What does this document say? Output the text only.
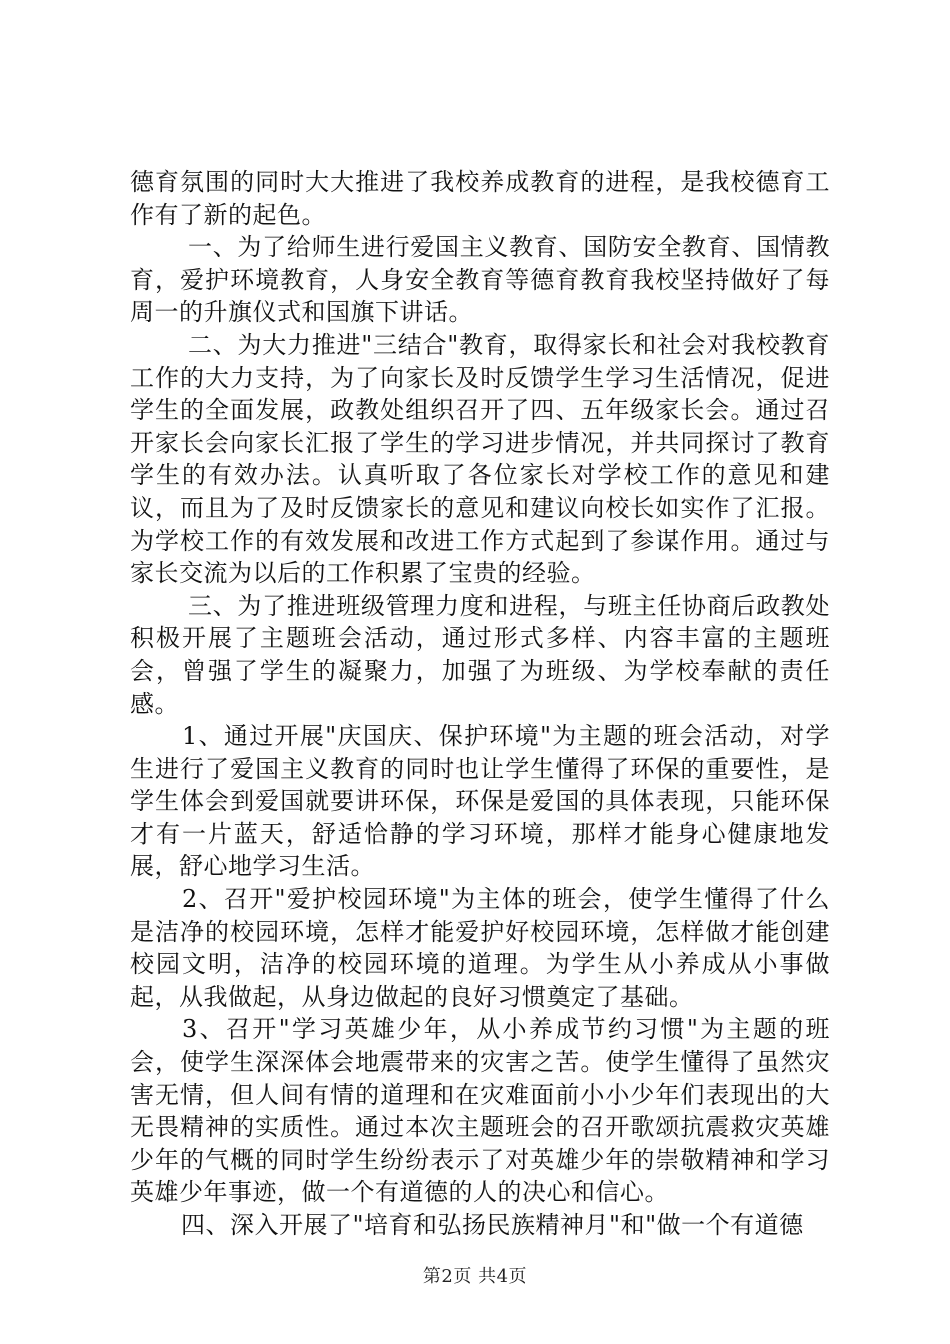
德育氛围的同时大大推进了我校养成教育的进程，是我校德育工作有了新的起色。

一、为了给师生进行爱国主义教育、国防安全教育、国情教育，爱护环境教育，人身安全教育等德育教育我校坚持做好了每周一的升旗仪式和国旗下讲话。

二、为大力推进"三结合"教育，取得家长和社会对我校教育工作的大力支持，为了向家长及时反馈学生学习生活情况，促进学生的全面发展，政教处组织召开了四、五年级家长会。通过召开家长会向家长汇报了学生的学习进步情况，并共同探讨了教育学生的有效办法。认真听取了各位家长对学校工作的意见和建议，而且为了及时反馈家长的意见和建议向校长如实作了汇报。为学校工作的有效发展和改进工作方式起到了参谋作用。通过与家长交流为以后的工作积累了宝贵的经验。

三、为了推进班级管理力度和进程，与班主任协商后政教处积极开展了主题班会活动，通过形式多样、内容丰富的主题班会，曾强了学生的凝聚力，加强了为班级、为学校奉献的责任感。

1、通过开展"庆国庆、保护环境"为主题的班会活动，对学生进行了爱国主义教育的同时也让学生懂得了环保的重要性，是学生体会到爱国就要讲环保，环保是爱国的具体表现，只能环保才有一片蓝天，舒适恰静的学习环境，那样才能身心健康地发展，舒心地学习生活。

2、召开"爱护校园环境"为主体的班会，使学生懂得了什么是洁净的校园环境，怎样才能爱护好校园环境，怎样做才能创建校园文明，洁净的校园环境的道理。为学生从小养成从小事做起，从我做起，从身边做起的良好习惯奠定了基础。

3、召开"学习英雄少年，从小养成节约习惯"为主题的班会，使学生深深体会地震带来的灾害之苦。使学生懂得了虽然灾害无情，但人间有情的道理和在灾难面前小小少年们表现出的大无畏精神的实质性。通过本次主题班会的召开歌颂抗震救灾英雄少年的气概的同时学生纷纷表示了对英雄少年的崇敬精神和学习英雄少年事迹，做一个有道德的人的决心和信心。

四、深入开展了"培育和弘扬民族精神月"和"做一个有道德

第2页 共4页
